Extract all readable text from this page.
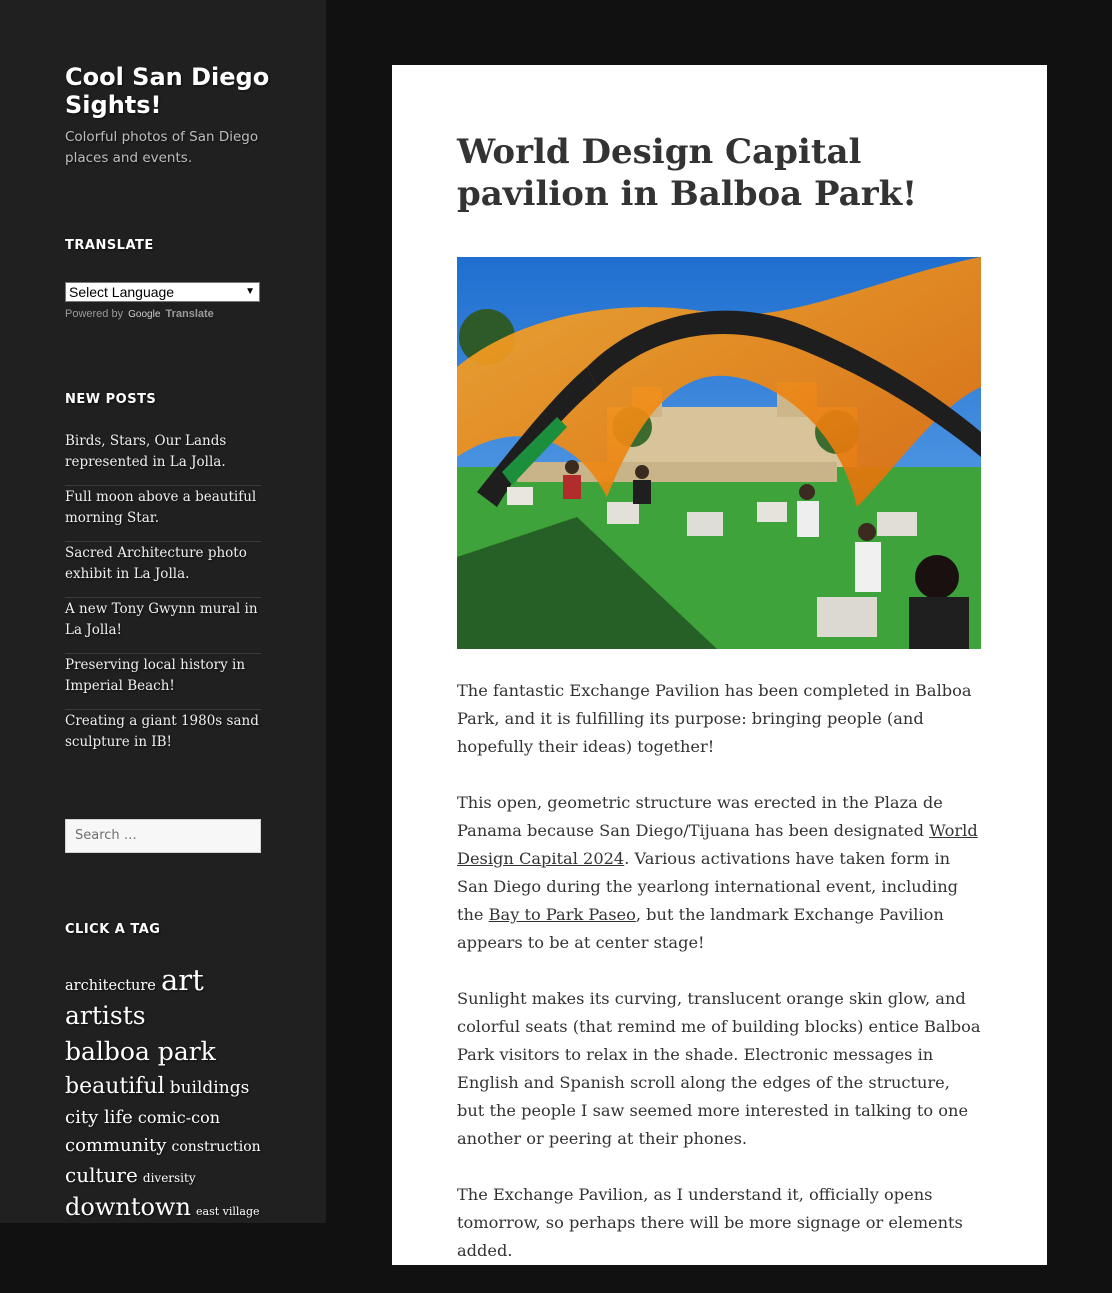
Cool San Diego Sights!
Colorful photos of San Diego places and events.
TRANSLATE
Select Language	▼
Powered by Google Translate
NEW POSTS
Birds, Stars, Our Lands represented in La Jolla.
Full moon above a beautiful morning Star.
Sacred Architecture photo exhibit in La Jolla.
A new Tony Gwynn mural in La Jolla!
Preserving local history in Imperial Beach!
Creating a giant 1980s sand sculpture in IB!
Search …
CLICK A TAG
architecture art
artists
balboa park
beautiful buildings
city life comic-con
community construction
culture diversity
downtown east village
World Design Capital pavilion in Balboa Park!

The fantastic Exchange Pavilion has been completed in Balboa Park, and it is fulfilling its purpose: bringing people (and hopefully their ideas) together!

This open, geometric structure was erected in the Plaza de Panama because San Diego/Tijuana has been designated World Design Capital 2024. Various activations have taken form in San Diego during the yearlong international event, including the Bay to Park Paseo, but the landmark Exchange Pavilion appears to be at center stage!

Sunlight makes its curving, translucent orange skin glow, and colorful seats (that remind me of building blocks) entice Balboa Park visitors to relax in the shade. Electronic messages in English and Spanish scroll along the edges of the structure, but the people I saw seemed more interested in talking to one another or peering at their phones.

The Exchange Pavilion, as I understand it, officially opens tomorrow, so perhaps there will be more signage or elements added.
